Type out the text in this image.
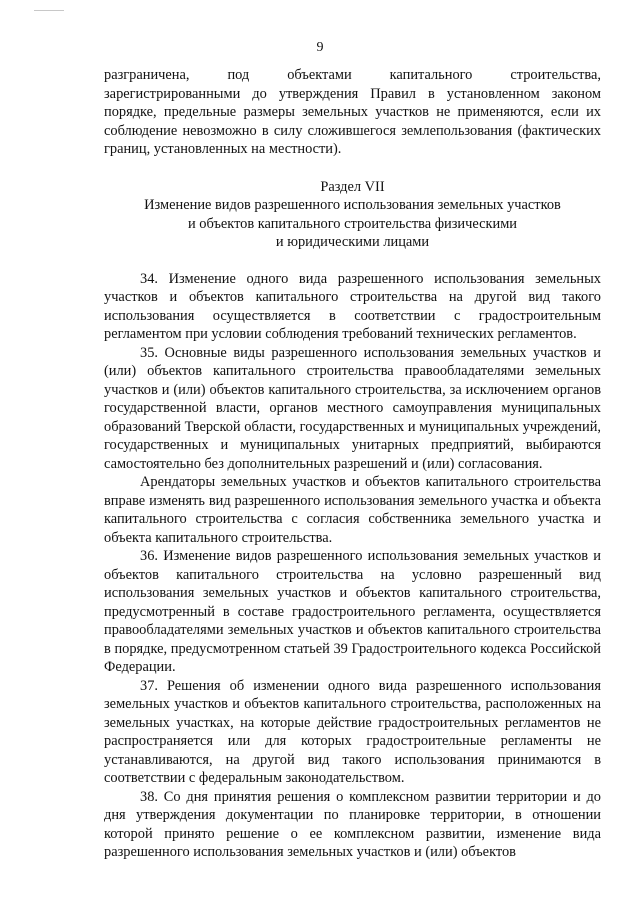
9

разграничена, под объектами капитального строительства, зарегистрированными до утверждения Правил в установленном законом порядке, предельные размеры земельных участков не применяются, если их соблюдение невозможно в силу сложившегося землепользования (фактических границ, установленных на местности).

Раздел VII
Изменение видов разрешенного использования земельных участков
и объектов капитального строительства физическими
и юридическими лицами

34. Изменение одного вида разрешенного использования земельных участков и объектов капитального строительства на другой вид такого использования осуществляется в соответствии с градостроительным регламентом при условии соблюдения требований технических регламентов.

35. Основные виды разрешенного использования земельных участков и (или) объектов капитального строительства правообладателями земельных участков и (или) объектов капитального строительства, за исключением органов государственной власти, органов местного самоуправления муниципальных образований Тверской области, государственных и муниципальных учреждений, государственных и муниципальных унитарных предприятий, выбираются самостоятельно без дополнительных разрешений и (или) согласования.

Арендаторы земельных участков и объектов капитального строительства вправе изменять вид разрешенного использования земельного участка и объекта капитального строительства с согласия собственника земельного участка и объекта капитального строительства.

36. Изменение видов разрешенного использования земельных участков и объектов капитального строительства на условно разрешенный вид использования земельных участков и объектов капитального строительства, предусмотренный в составе градостроительного регламента, осуществляется правообладателями земельных участков и объектов капитального строительства в порядке, предусмотренном статьей 39 Градостроительного кодекса Российской Федерации.

37. Решения об изменении одного вида разрешенного использования земельных участков и объектов капитального строительства, расположенных на земельных участках, на которые действие градостроительных регламентов не распространяется или для которых градостроительные регламенты не устанавливаются, на другой вид такого использования принимаются в соответствии с федеральным законодательством.

38. Со дня принятия решения о комплексном развитии территории и до дня утверждения документации по планировке территории, в отношении которой принято решение о ее комплексном развитии, изменение вида разрешенного использования земельных участков и (или) объектов
